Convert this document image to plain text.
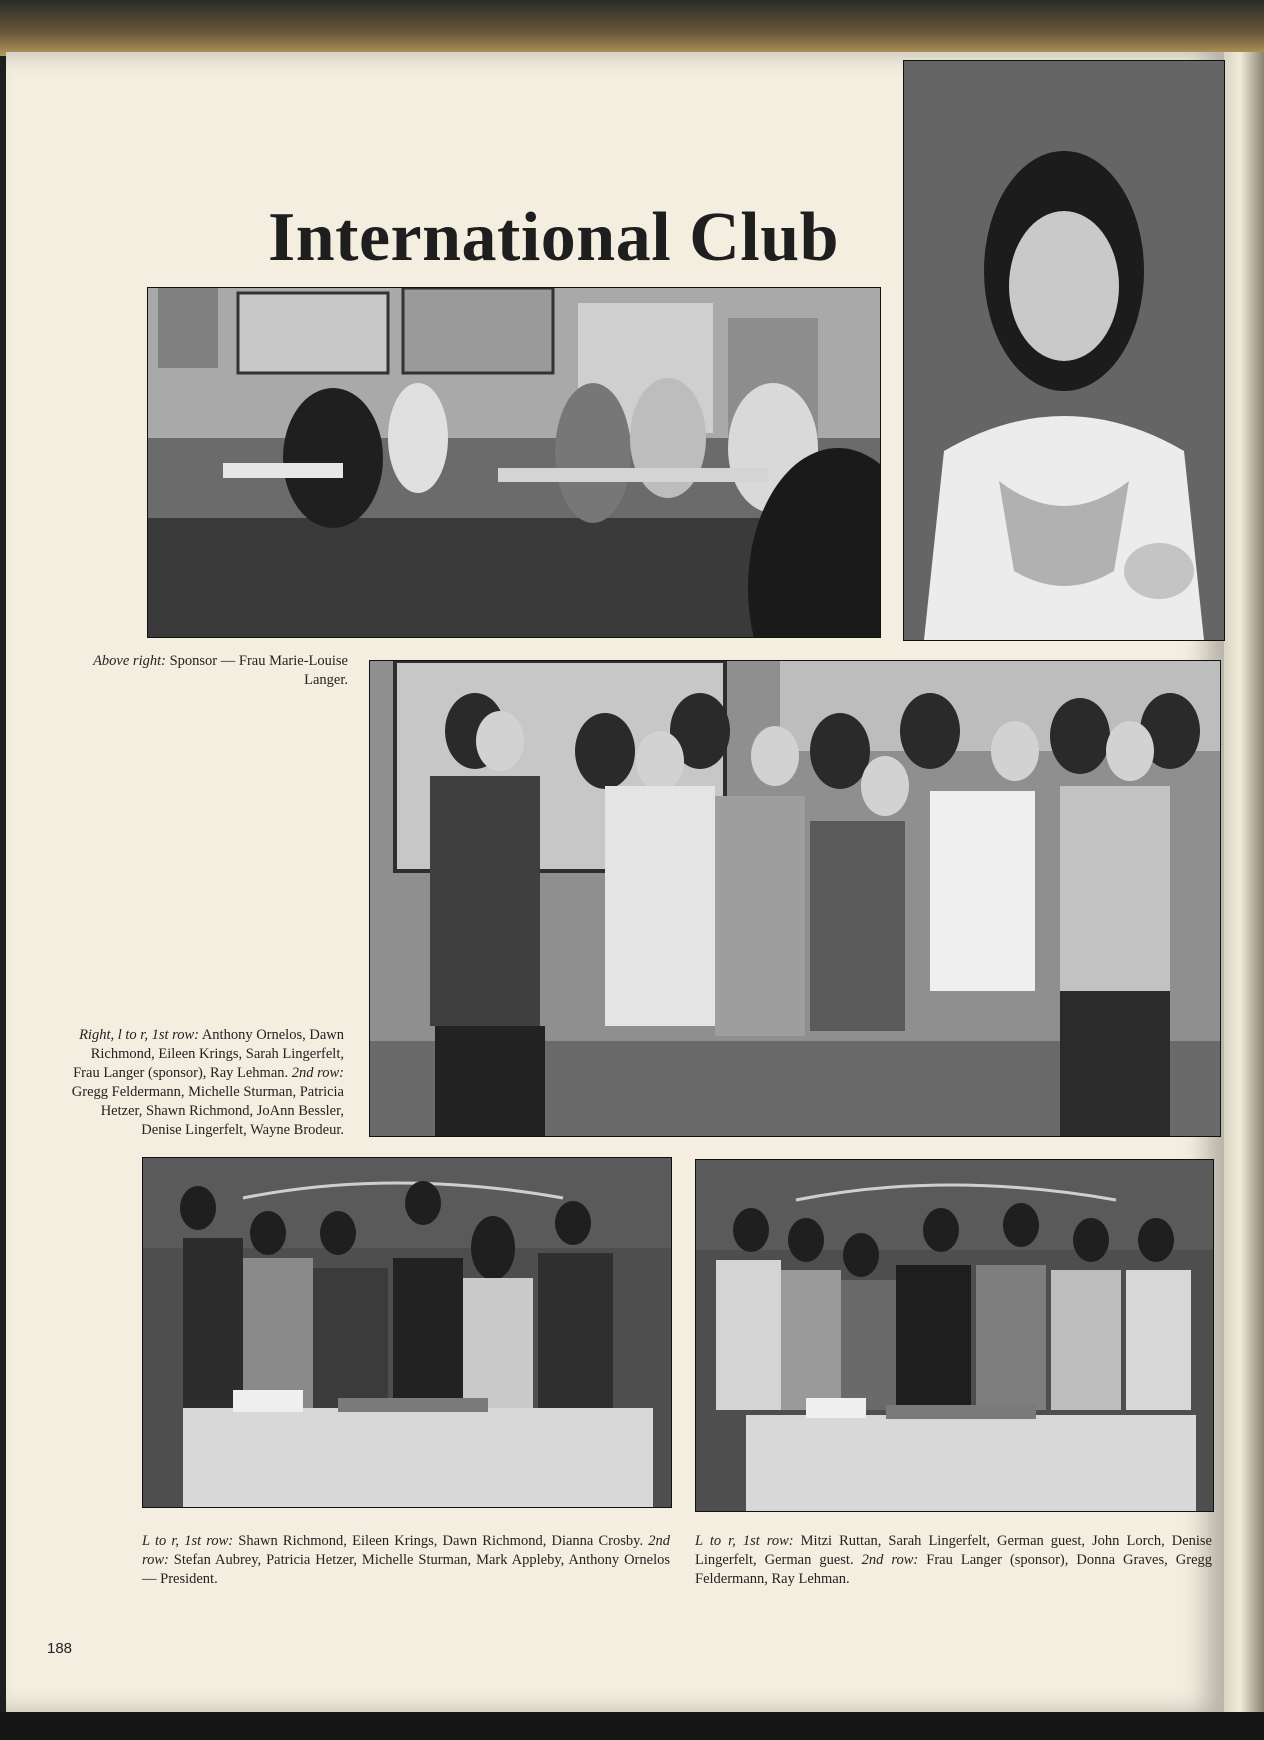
International Club

Above right: Sponsor — Frau Marie-Louise Langer.

Right, l to r, 1st row: Anthony Ornelos, Dawn Richmond, Eileen Krings, Sarah Lingerfelt, Frau Langer (sponsor), Ray Lehman. 2nd row: Gregg Feldermann, Michelle Sturman, Patricia Hetzer, Shawn Richmond, JoAnn Bessler, Denise Lingerfelt, Wayne Brodeur.

L to r, 1st row: Shawn Richmond, Eileen Krings, Dawn Richmond, Dianna Crosby. 2nd row: Stefan Aubrey, Patricia Hetzer, Michelle Sturman, Mark Appleby, Anthony Ornelos — President.

L to r, 1st row: Mitzi Ruttan, Sarah Lingerfelt, German guest, John Lorch, Denise Lingerfelt, German guest. 2nd row: Frau Langer (sponsor), Donna Graves, Gregg Feldermann, Ray Lehman.

188
